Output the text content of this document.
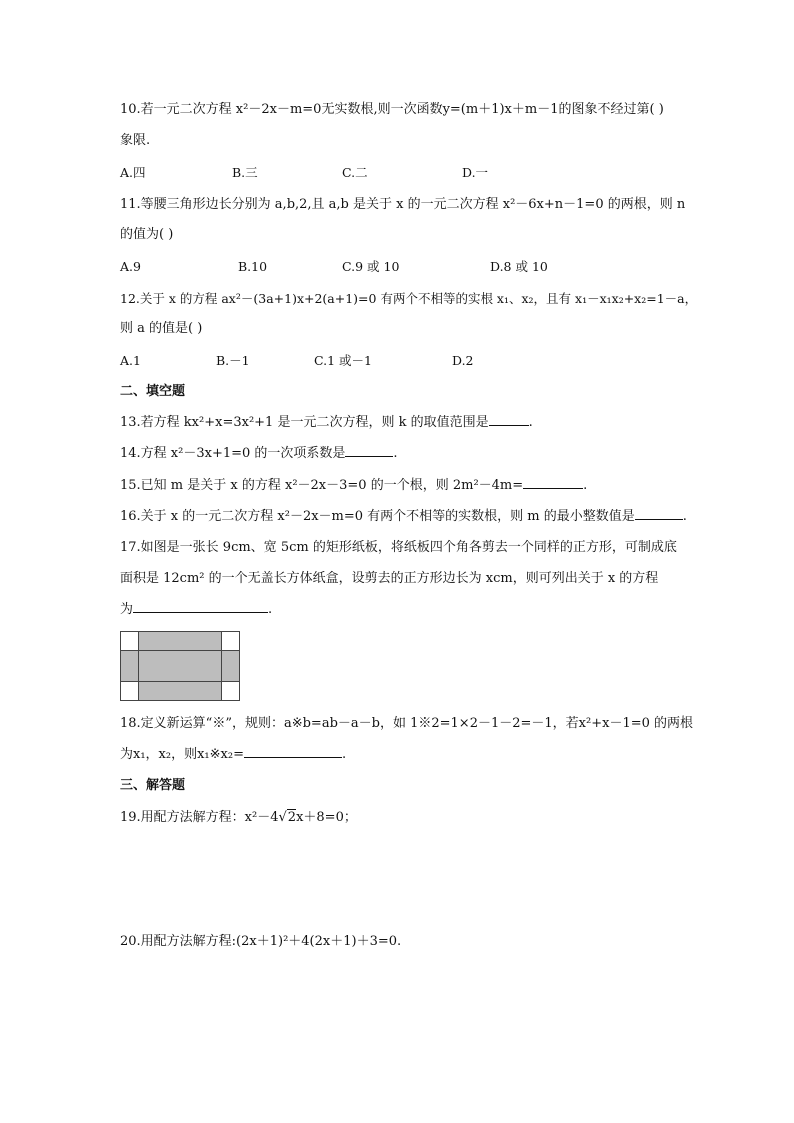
10.若一元二次方程 x²－2x－m=0无实数根,则一次函数y=(m＋1)x＋m－1的图象不经过第( )
象限.
A.四	B.三	C.二	D.一
11.等腰三角形边长分别为 a,b,2,且 a,b 是关于 x 的一元二次方程 x²－6x+n－1=0 的两根，则 n
的值为( )
A.9	B.10	C.9 或 10	D.8 或 10
12.关于 x 的方程 ax²－(3a+1)x+2(a+1)=0 有两个不相等的实根 x₁、x₂，且有 x₁－x₁x₂+x₂=1－a，
则 a 的值是( )
A.1	B.－1	C.1 或－1	D.2
二、填空题
13.若方程 kx²+x=3x²+1 是一元二次方程，则 k 的取值范围是	.
14.方程 x²－3x+1=0 的一次项系数是	.
15.已知 m 是关于 x 的方程 x²－2x－3=0 的一个根，则 2m²－4m=	.
16.关于 x 的一元二次方程 x²－2x－m=0 有两个不相等的实数根，则 m 的最小整数值是	.
17.如图是一张长 9cm、宽 5cm 的矩形纸板，将纸板四个角各剪去一个同样的正方形，可制成底
面积是 12cm² 的一个无盖长方体纸盒，设剪去的正方形边长为 xcm，则可列出关于 x 的方程
为	.
18.定义新运算“※”，规则：a※b=ab－a－b，如 1※2=1×2－1－2=－1，若x²+x－1=0 的两根
为x₁，x₂，则x₁※x₂=	.
三、解答题
19.用配方法解方程：x²－4√2x＋8=0；
20.用配方法解方程:(2x＋1)²＋4(2x＋1)＋3=0.
